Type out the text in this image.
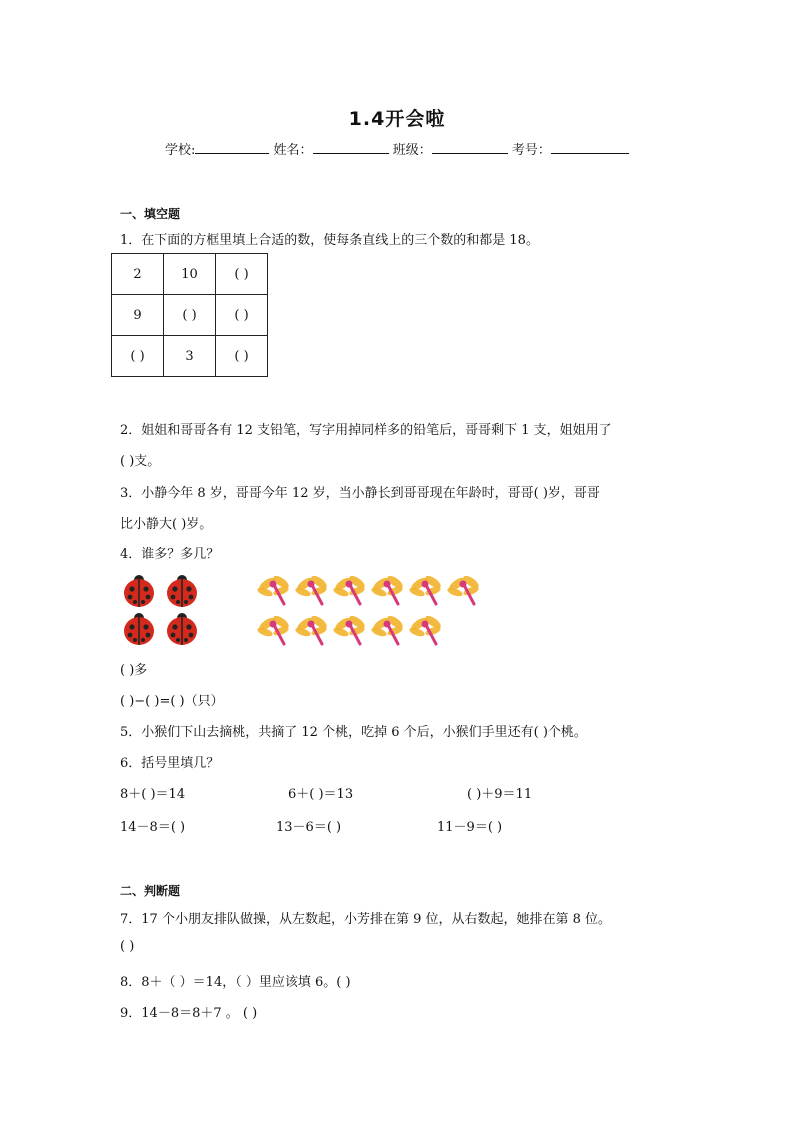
1.4开会啦
学校:	姓名：	班级：	考号：
一、填空题
1．在下面的方框里填上合适的数，使每条直线上的三个数的和都是 18。
2	10	( )
9	( )	( )
( )	3	( )
2．姐姐和哥哥各有 12 支铅笔，写字用掉同样多的铅笔后，哥哥剩下 1 支，姐姐用了
( )支。
3．小静今年 8 岁，哥哥今年 12 岁，当小静长到哥哥现在年龄时，哥哥( )岁，哥哥
比小静大( )岁。
4．谁多？多几？
( )多
( )−( )=( )（只）
5．小猴们下山去摘桃，共摘了 12 个桃，吃掉 6 个后，小猴们手里还有( )个桃。
6．括号里填几？
8＋( )＝14	6＋( )＝13	( )＋9＝11
14－8＝( )	13－6＝( )	11－9＝( )
二、判断题
7．17 个小朋友排队做操，从左数起，小芳排在第 9 位，从右数起，她排在第 8 位。
( )
8．8＋（ ）＝14，（ ）里应该填 6。( )
9．14－8＝8＋7 。 ( )
